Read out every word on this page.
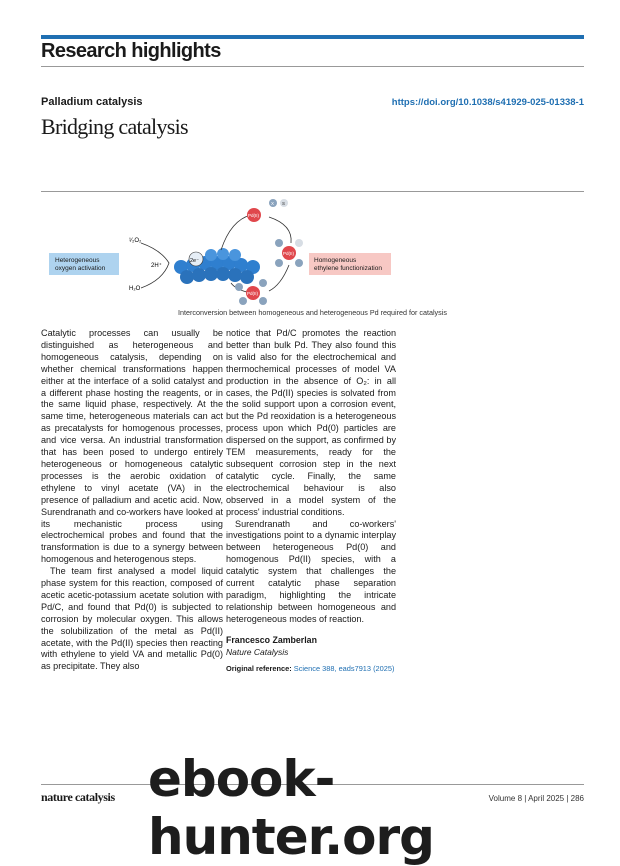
Research highlights
Palladium catalysis	https://doi.org/10.1038/s41929-025-01338-1
Bridging catalysis
Heterogeneous
oxygen activation
Homogeneous
ethylene functionization
¹⁄₂O₂
2H⁺
H₂O
2e⁻
Pd(II)
X S
Pd(II)
Pd(II)
Interconversion between homogeneous and heterogeneous Pd required for catalysis

Catalytic processes can usually be distinguished as heterogeneous and homogeneous catalysis, depending on whether chemical transformations happen either at the interface of a solid catalyst and a different phase hosting the reagents, or in the same liquid phase, respectively. At the same time, heterogeneous materials can act as precatalysts for homogenous processes, and vice versa. An industrial transformation that has been posed to undergo entirely heterogeneous or homogeneous catalytic processes is the aerobic oxidation of ethylene to vinyl acetate (VA) in the presence of palladium and acetic acid. Now, Surendranath and co-workers have looked at its mechanistic process using electrochemical probes and found that the transformation is due to a synergy between homogenous and heterogenous steps.

The team first analysed a model liquid phase system for this reaction, composed of acetic acetic-potassium acetate solution with Pd/C, and found that Pd(0) is subjected to corrosion by molecular oxygen. This allows the solubilization of the metal as Pd(II) acetate, with the Pd(II) species then reacting with ethylene to yield VA and metallic Pd(0) as precipitate. They also

notice that Pd/C promotes the reaction better than bulk Pd. They also found this is valid also for the electrochemical and thermochemical processes of model VA production in the absence of O₂: in all cases, the Pd(II) species is solvated from the solid support upon a corrosion event, but the Pd reoxidation is a heterogeneous process upon which Pd(0) particles are dispersed on the support, as confirmed by TEM measurements, ready for the subsequent corrosion step in the next catalytic cycle. Finally, the same electrochemical behaviour is also observed in a model system of the process' industrial conditions.

Surendranath and co-workers' investigations point to a dynamic interplay between heterogeneous Pd(0) and homogenous Pd(II) species, with a catalytic system that challenges the current catalytic phase separation paradigm, highlighting the intricate relationship between homogeneous and heterogeneous modes of reaction.

Francesco Zamberlan

Nature Catalysis

Original reference: Science 388, eads7913 (2025)

nature catalysis	Volume 8 | April 2025 | 286
ebook-hunter.org
